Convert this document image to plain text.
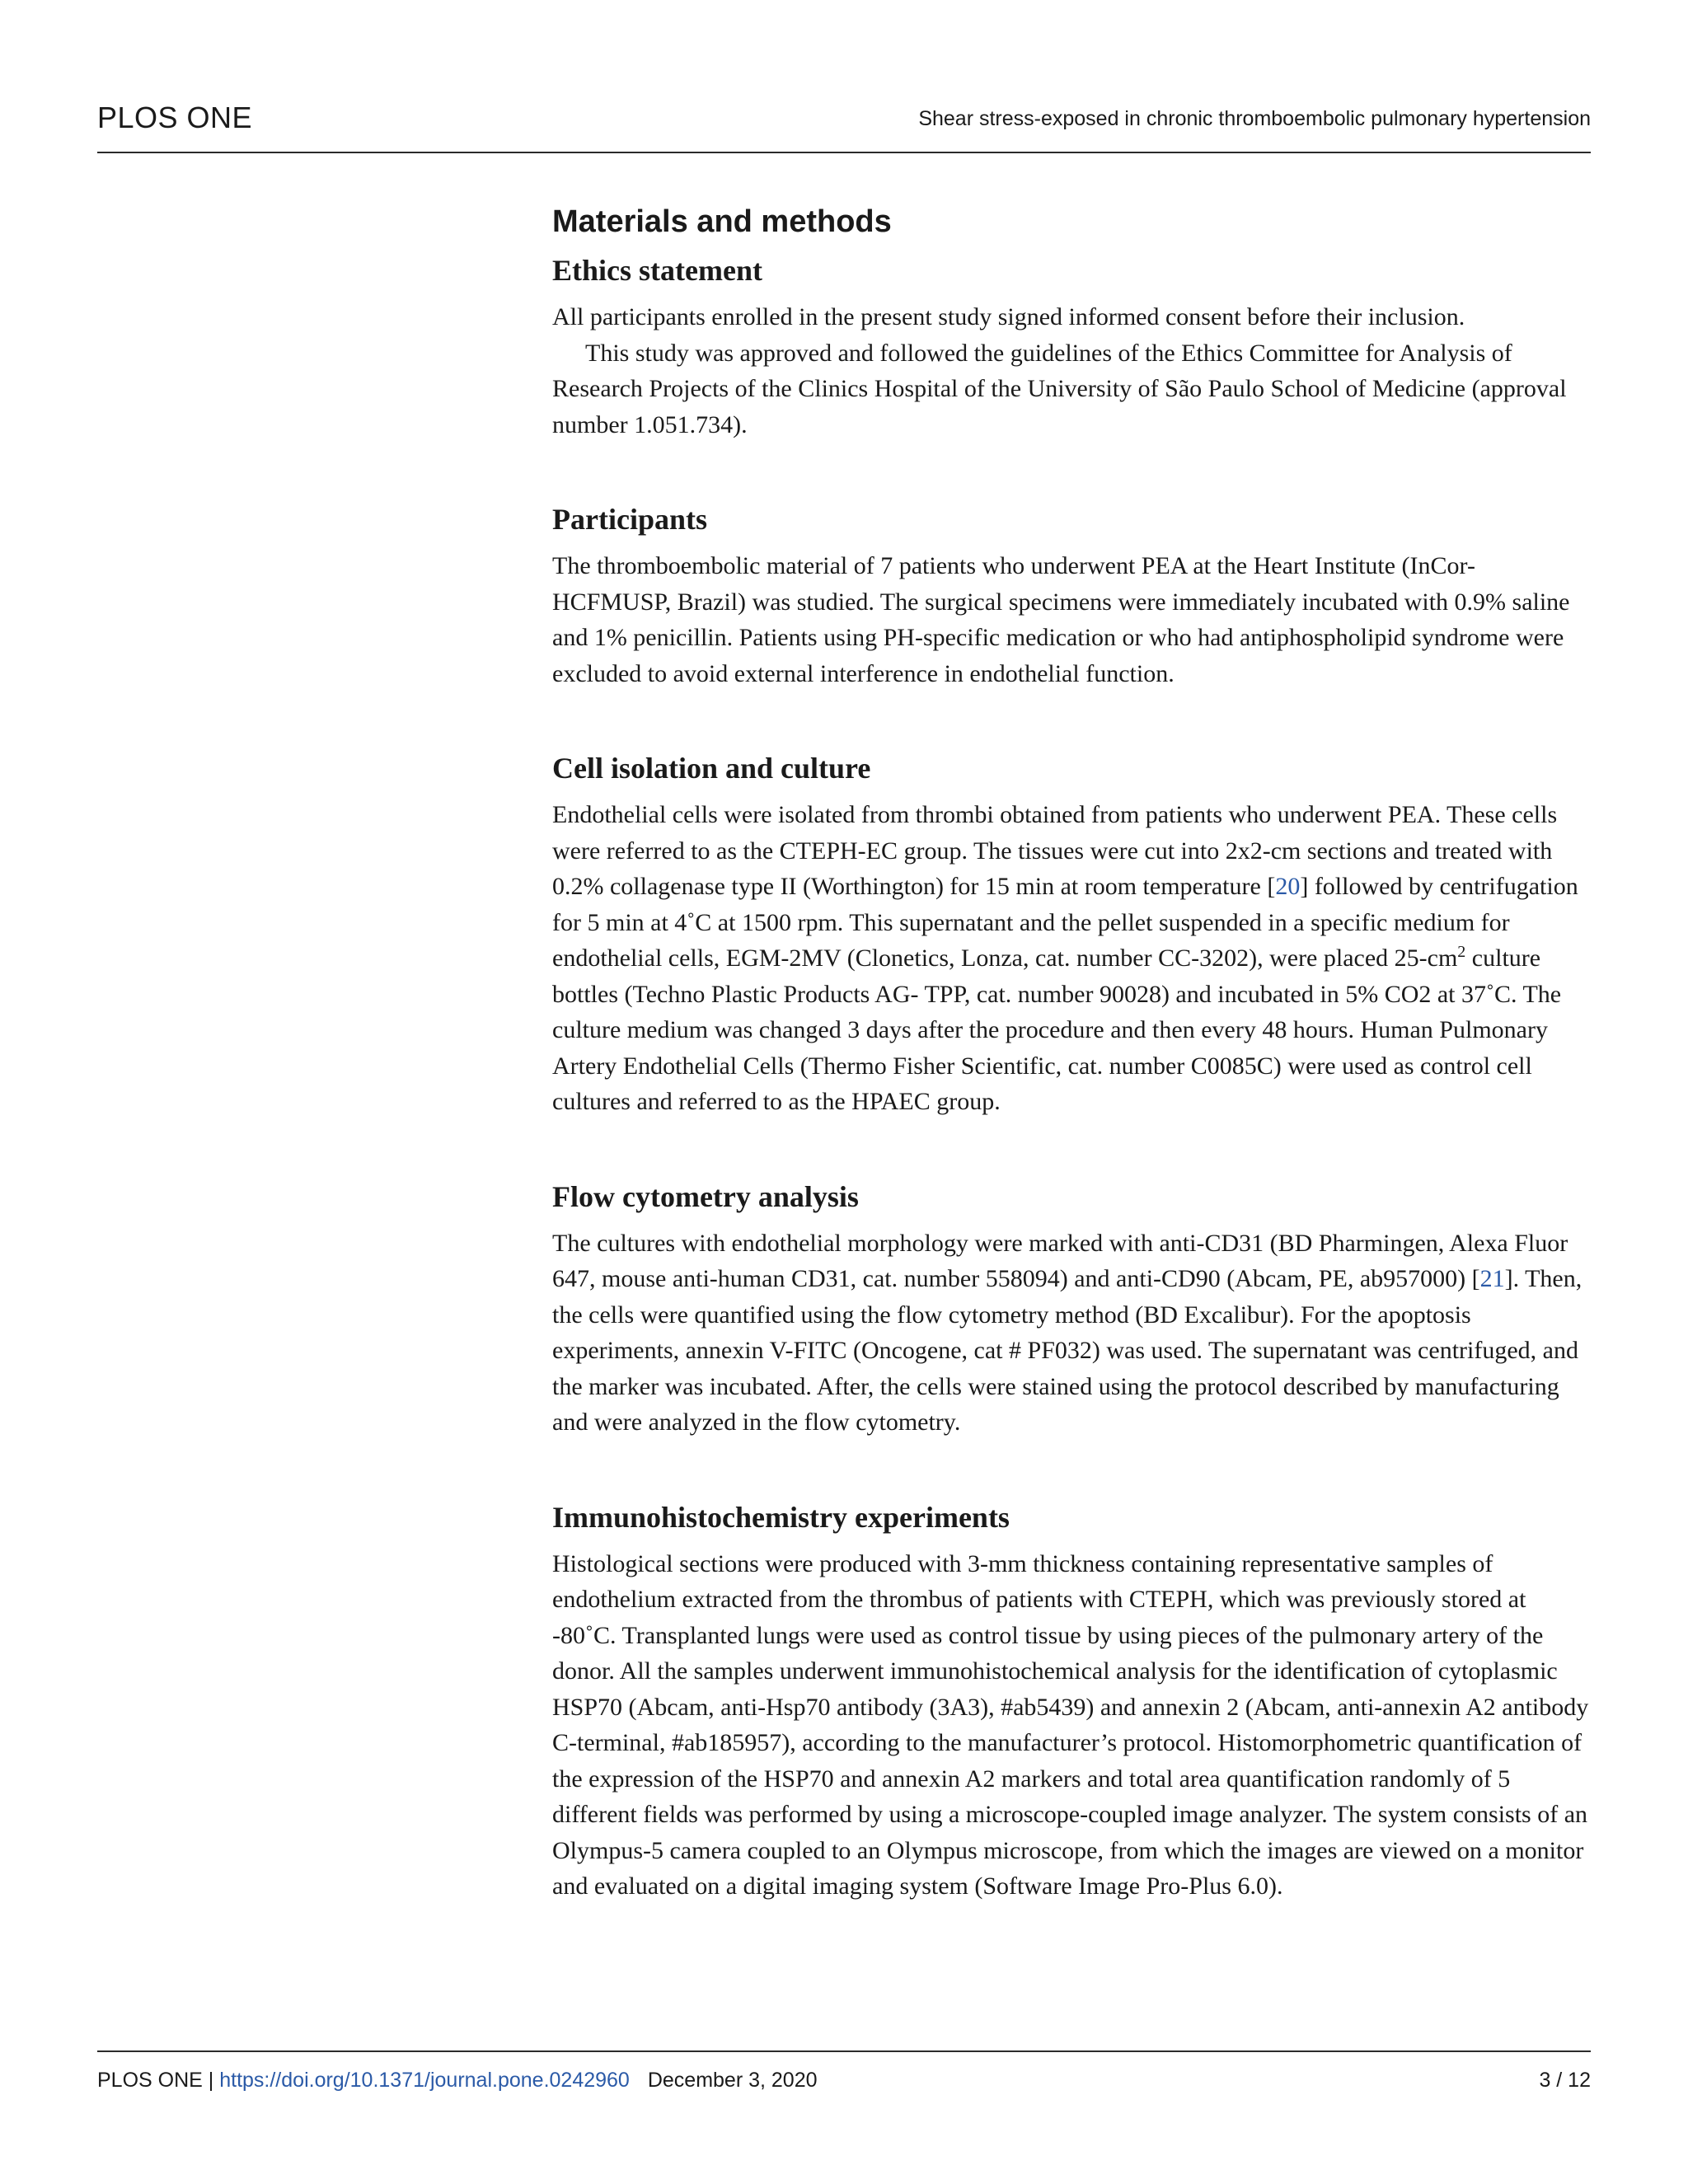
PLOS ONE	Shear stress-exposed in chronic thromboembolic pulmonary hypertension
Materials and methods
Ethics statement

All participants enrolled in the present study signed informed consent before their inclusion.

This study was approved and followed the guidelines of the Ethics Committee for Analysis of Research Projects of the Clinics Hospital of the University of São Paulo School of Medicine (approval number 1.051.734).

Participants

The thromboembolic material of 7 patients who underwent PEA at the Heart Institute (InCor-HCFMUSP, Brazil) was studied. The surgical specimens were immediately incubated with 0.9% saline and 1% penicillin. Patients using PH-specific medication or who had antiphospholipid syndrome were excluded to avoid external interference in endothelial function.

Cell isolation and culture

Endothelial cells were isolated from thrombi obtained from patients who underwent PEA. These cells were referred to as the CTEPH-EC group. The tissues were cut into 2x2-cm sections and treated with 0.2% collagenase type II (Worthington) for 15 min at room temperature [20] followed by centrifugation for 5 min at 4˚C at 1500 rpm. This supernatant and the pellet suspended in a specific medium for endothelial cells, EGM-2MV (Clonetics, Lonza, cat. number CC-3202), were placed $25-cm^2$ culture bottles (Techno Plastic Products AG- TPP, cat. number 90028) and incubated in 5% CO2 at 37˚C. The culture medium was changed 3 days after the procedure and then every 48 hours. Human Pulmonary Artery Endothelial Cells (Thermo Fisher Scientific, cat. number C0085C) were used as control cell cultures and referred to as the HPAEC group.

Flow cytometry analysis

The cultures with endothelial morphology were marked with anti-CD31 (BD Pharmingen, Alexa Fluor 647, mouse anti-human CD31, cat. number 558094) and anti-CD90 (Abcam, PE, ab957000) [21]. Then, the cells were quantified using the flow cytometry method (BD Excalibur). For the apoptosis experiments, annexin V-FITC (Oncogene, cat # PF032) was used. The supernatant was centrifuged, and the marker was incubated. After, the cells were stained using the protocol described by manufacturing and were analyzed in the flow cytometry.

Immunohistochemistry experiments

Histological sections were produced with 3-mm thickness containing representative samples of endothelium extracted from the thrombus of patients with CTEPH, which was previously stored at -80˚C. Transplanted lungs were used as control tissue by using pieces of the pulmonary artery of the donor. All the samples underwent immunohistochemical analysis for the identification of cytoplasmic HSP70 (Abcam, anti-Hsp70 antibody (3A3), #ab5439) and annexin 2 (Abcam, anti-annexin A2 antibody C-terminal, #ab185957), according to the manufacturer’s protocol. Histomorphometric quantification of the expression of the HSP70 and annexin A2 markers and total area quantification randomly of 5 different fields was performed by using a microscope-coupled image analyzer. The system consists of an Olympus-5 camera coupled to an Olympus microscope, from which the images are viewed on a monitor and evaluated on a digital imaging system (Software Image Pro-Plus 6.0).

PLOS ONE | https://doi.org/10.1371/journal.pone.0242960 December 3, 2020	3 / 12
